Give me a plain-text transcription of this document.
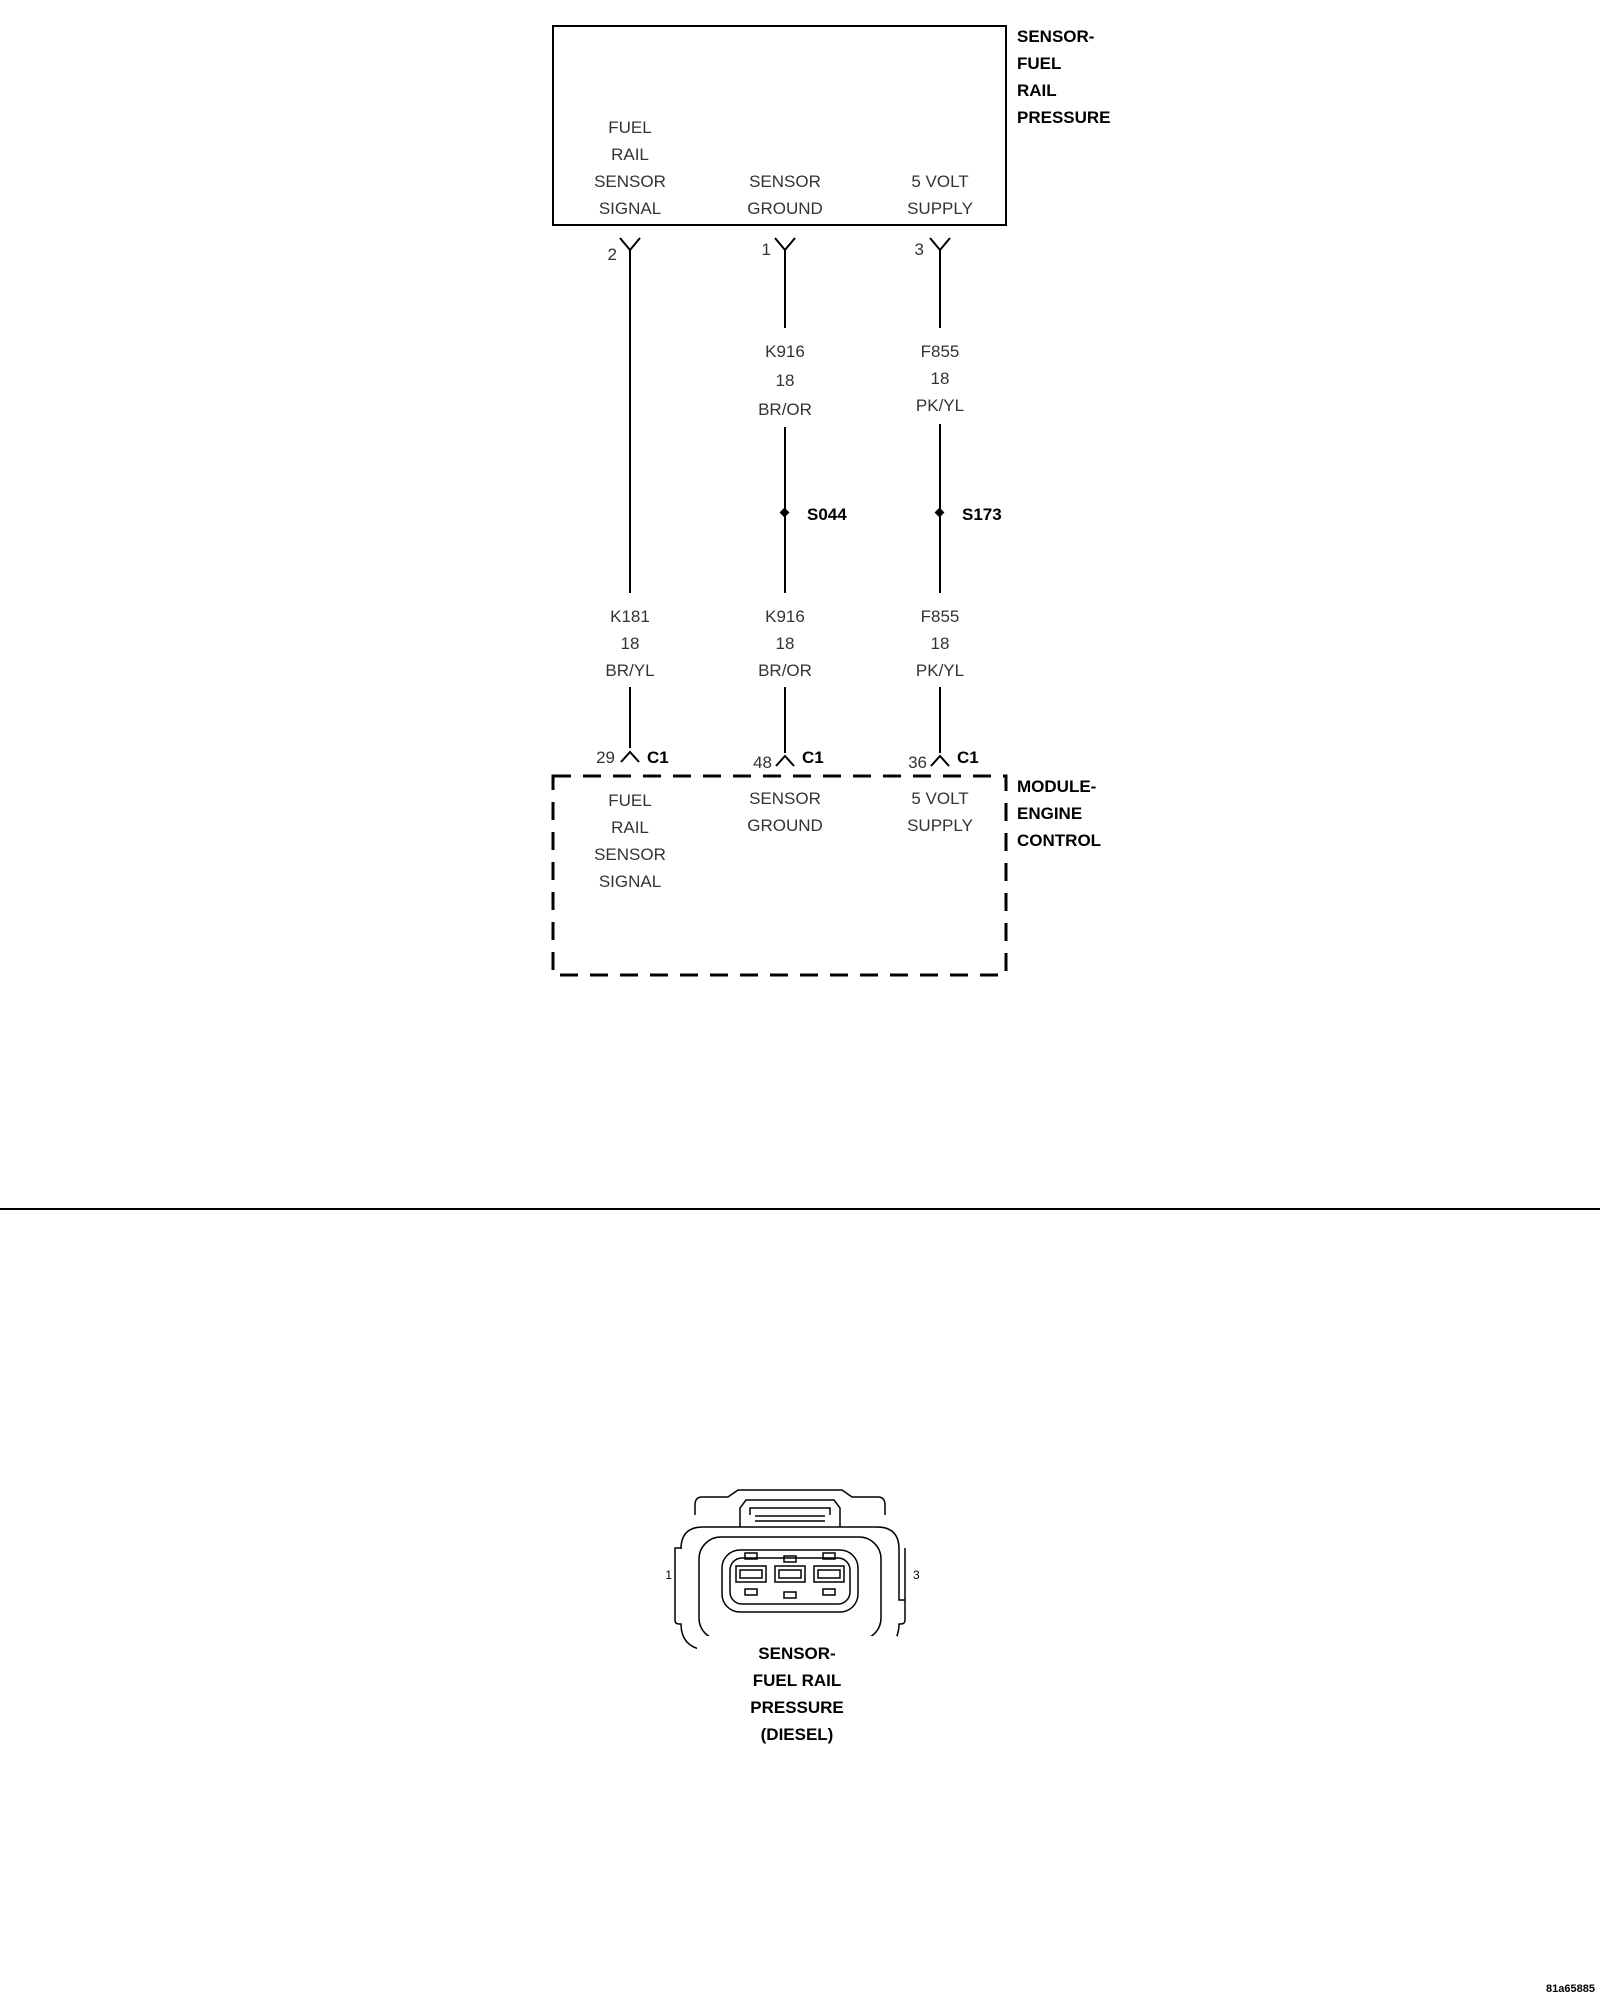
SENSOR-
FUEL
RAIL
PRESSURE
FUEL
RAIL
SENSOR
SIGNAL
SENSOR
GROUND
5 VOLT
SUPPLY
2	1	3
K916
18
BR/OR
F855
18
PK/YL
S044	S173
K181
18
BR/YL
K916
18
BR/OR
F855
18
PK/YL
29 C1	48 C1	36 C1
MODULE-
ENGINE
CONTROL
FUEL
RAIL
SENSOR
SIGNAL
SENSOR
GROUND
5 VOLT
SUPPLY
1	3
81a65885
SENSOR-
FUEL RAIL
PRESSURE
(DIESEL)
